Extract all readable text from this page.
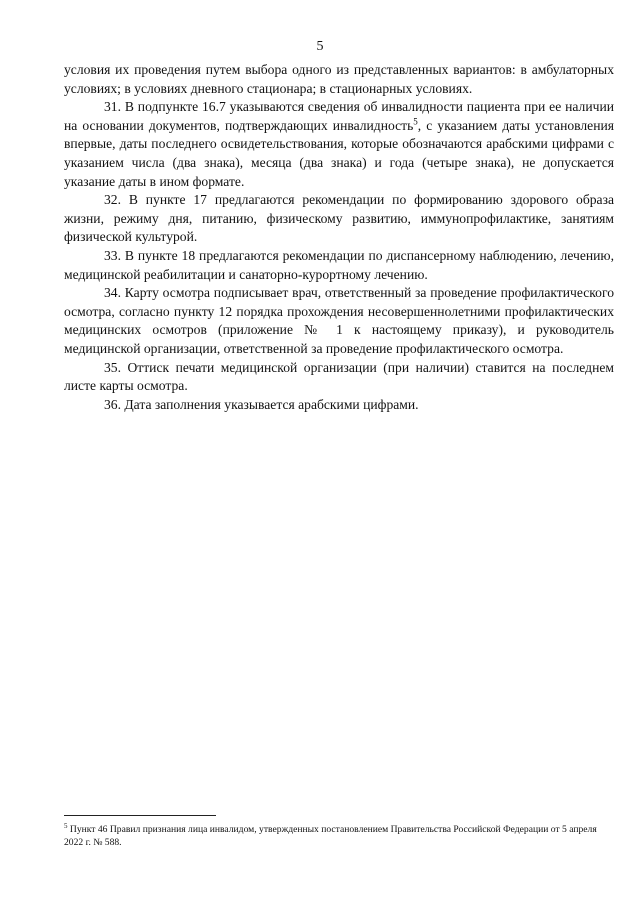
5

условия их проведения путем выбора одного из представленных вариантов: в амбулаторных условиях; в условиях дневного стационара; в стационарных условиях.

31. В подпункте 16.7 указываются сведения об инвалидности пациента при ее наличии на основании документов, подтверждающих инвалидность$^5$, с указанием даты установления впервые, даты последнего освидетельствования, которые обозначаются арабскими цифрами с указанием числа (два знака), месяца (два знака) и года (четыре знака), не допускается указание даты в ином формате.

32. В пункте 17 предлагаются рекомендации по формированию здорового образа жизни, режиму дня, питанию, физическому развитию, иммунопрофилактике, занятиям физической культурой.

33. В пункте 18 предлагаются рекомендации по диспансерному наблюдению, лечению, медицинской реабилитации и санаторно-курортному лечению.

34. Карту осмотра подписывает врач, ответственный за проведение профилактического осмотра, согласно пункту 12 порядка прохождения несовершеннолетними профилактических медицинских осмотров (приложение № 1 к настоящему приказу), и руководитель медицинской организации, ответственной за проведение профилактического осмотра.

35. Оттиск печати медицинской организации (при наличии) ставится на последнем листе карты осмотра.

36. Дата заполнения указывается арабскими цифрами.

$^5$ Пункт 46 Правил признания лица инвалидом, утвержденных постановлением Правительства Российской Федерации от 5 апреля 2022 г. № 588.
